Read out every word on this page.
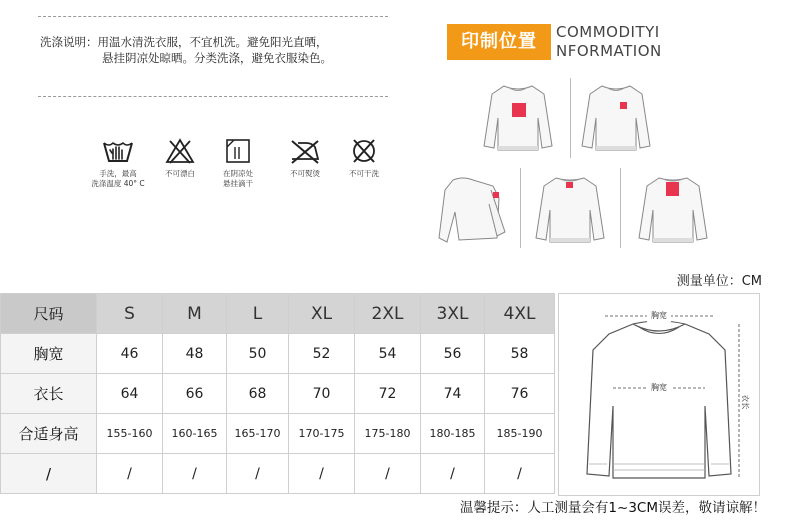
洗涤说明：用温水清洗衣服，不宜机洗。避免阳光直晒，
悬挂阴凉处晾晒。分类洗涤，避免衣服染色。
手洗，最高
洗涤温度 40° C
不可漂白	在阴凉处
悬挂滴干
不可熨烫	不可干洗
印制位置	COMMODITYI
NFORMATION
测量单位：CM
尺码	S	M	L	XL	2XL	3XL	4XL
胸宽	46	48	50	52	54	56	58
衣长	64	66	68	70	72	74	76
合适身高	155-160	160-165	165-170	170-175	175-180	180-185	185-190
/	/	/	/	/	/	/	/
胸宽
胸宽
衣长
温馨提示：人工测量会有1~3CM误差，敬请谅解！
